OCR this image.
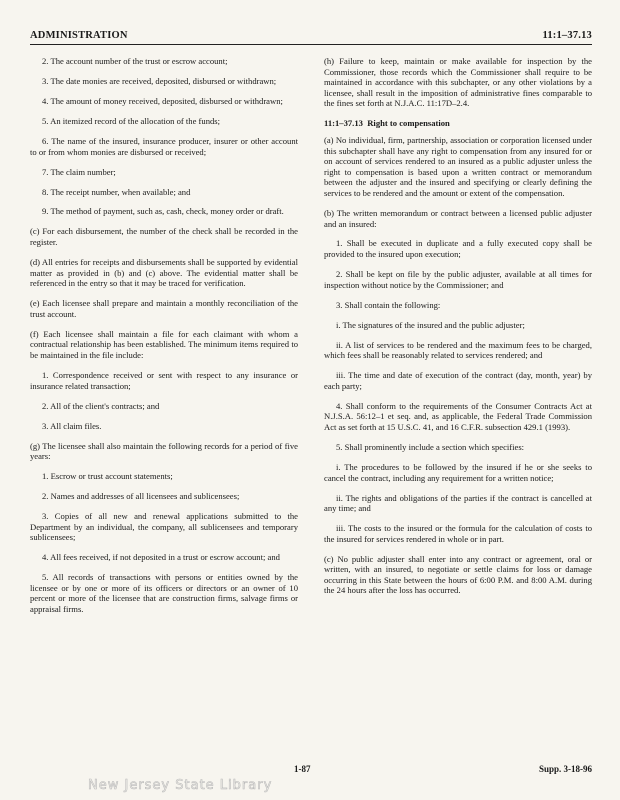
ADMINISTRATION	11:1–37.13

2. The account number of the trust or escrow account;

3. The date monies are received, deposited, disbursed or withdrawn;

4. The amount of money received, deposited, disbursed or withdrawn;

5. An itemized record of the allocation of the funds;

6. The name of the insured, insurance producer, insurer or other account to or from whom monies are disbursed or received;

7. The claim number;

8. The receipt number, when available; and

9. The method of payment, such as, cash, check, money order or draft.

(c) For each disbursement, the number of the check shall be recorded in the register.

(d) All entries for receipts and disbursements shall be supported by evidential matter as provided in (b) and (c) above. The evidential matter shall be referenced in the entry so that it may be traced for verification.

(e) Each licensee shall prepare and maintain a monthly reconciliation of the trust account.

(f) Each licensee shall maintain a file for each claimant with whom a contractual relationship has been established. The minimum items required to be maintained in the file include:

1. Correspondence received or sent with respect to any insurance or insurance related transaction;

2. All of the client's contracts; and

3. All claim files.

(g) The licensee shall also maintain the following records for a period of five years:

1. Escrow or trust account statements;

2. Names and addresses of all licensees and sublicensees;

3. Copies of all new and renewal applications submitted to the Department by an individual, the company, all sublicensees and temporary sublicensees;

4. All fees received, if not deposited in a trust or escrow account; and

5. All records of transactions with persons or entities owned by the licensee or by one or more of its officers or directors or an owner of 10 percent or more of the licensee that are construction firms, salvage firms or appraisal firms.

(h) Failure to keep, maintain or make available for inspection by the Commissioner, those records which the Commissioner shall require to be maintained in accordance with this subchapter, or any other violations by a licensee, shall result in the imposition of administrative fines comparable to the fines set forth at N.J.A.C. 11:17D–2.4.

11:1–37.13 Right to compensation

(a) No individual, firm, partnership, association or corporation licensed under this subchapter shall have any right to compensation from any insured for or on account of services rendered to an insured as a public adjuster unless the right to compensation is based upon a written contract or memorandum between the adjuster and the insured and specifying or clearly defining the services to be rendered and the amount or extent of the compensation.

(b) The written memorandum or contract between a licensed public adjuster and an insured:

1. Shall be executed in duplicate and a fully executed copy shall be provided to the insured upon execution;

2. Shall be kept on file by the public adjuster, available at all times for inspection without notice by the Commissioner; and

3. Shall contain the following:

i. The signatures of the insured and the public adjuster;

ii. A list of services to be rendered and the maximum fees to be charged, which fees shall be reasonably related to services rendered; and

iii. The time and date of execution of the contract (day, month, year) by each party;

4. Shall conform to the requirements of the Consumer Contracts Act at N.J.S.A. 56:12–1 et seq. and, as applicable, the Federal Trade Commission Act as set forth at 15 U.S.C. 41, and 16 C.F.R. subsection 429.1 (1993).

5. Shall prominently include a section which specifies:

i. The procedures to be followed by the insured if he or she seeks to cancel the contract, including any requirement for a written notice;

ii. The rights and obligations of the parties if the contract is cancelled at any time; and

iii. The costs to the insured or the formula for the calculation of costs to the insured for services rendered in whole or in part.

(c) No public adjuster shall enter into any contract or agreement, oral or written, with an insured, to negotiate or settle claims for loss or damage occurring in this State between the hours of 6:00 P.M. and 8:00 A.M. during the 24 hours after the loss has occurred.

1-87	Supp. 3-18-96
New Jersey State Library
